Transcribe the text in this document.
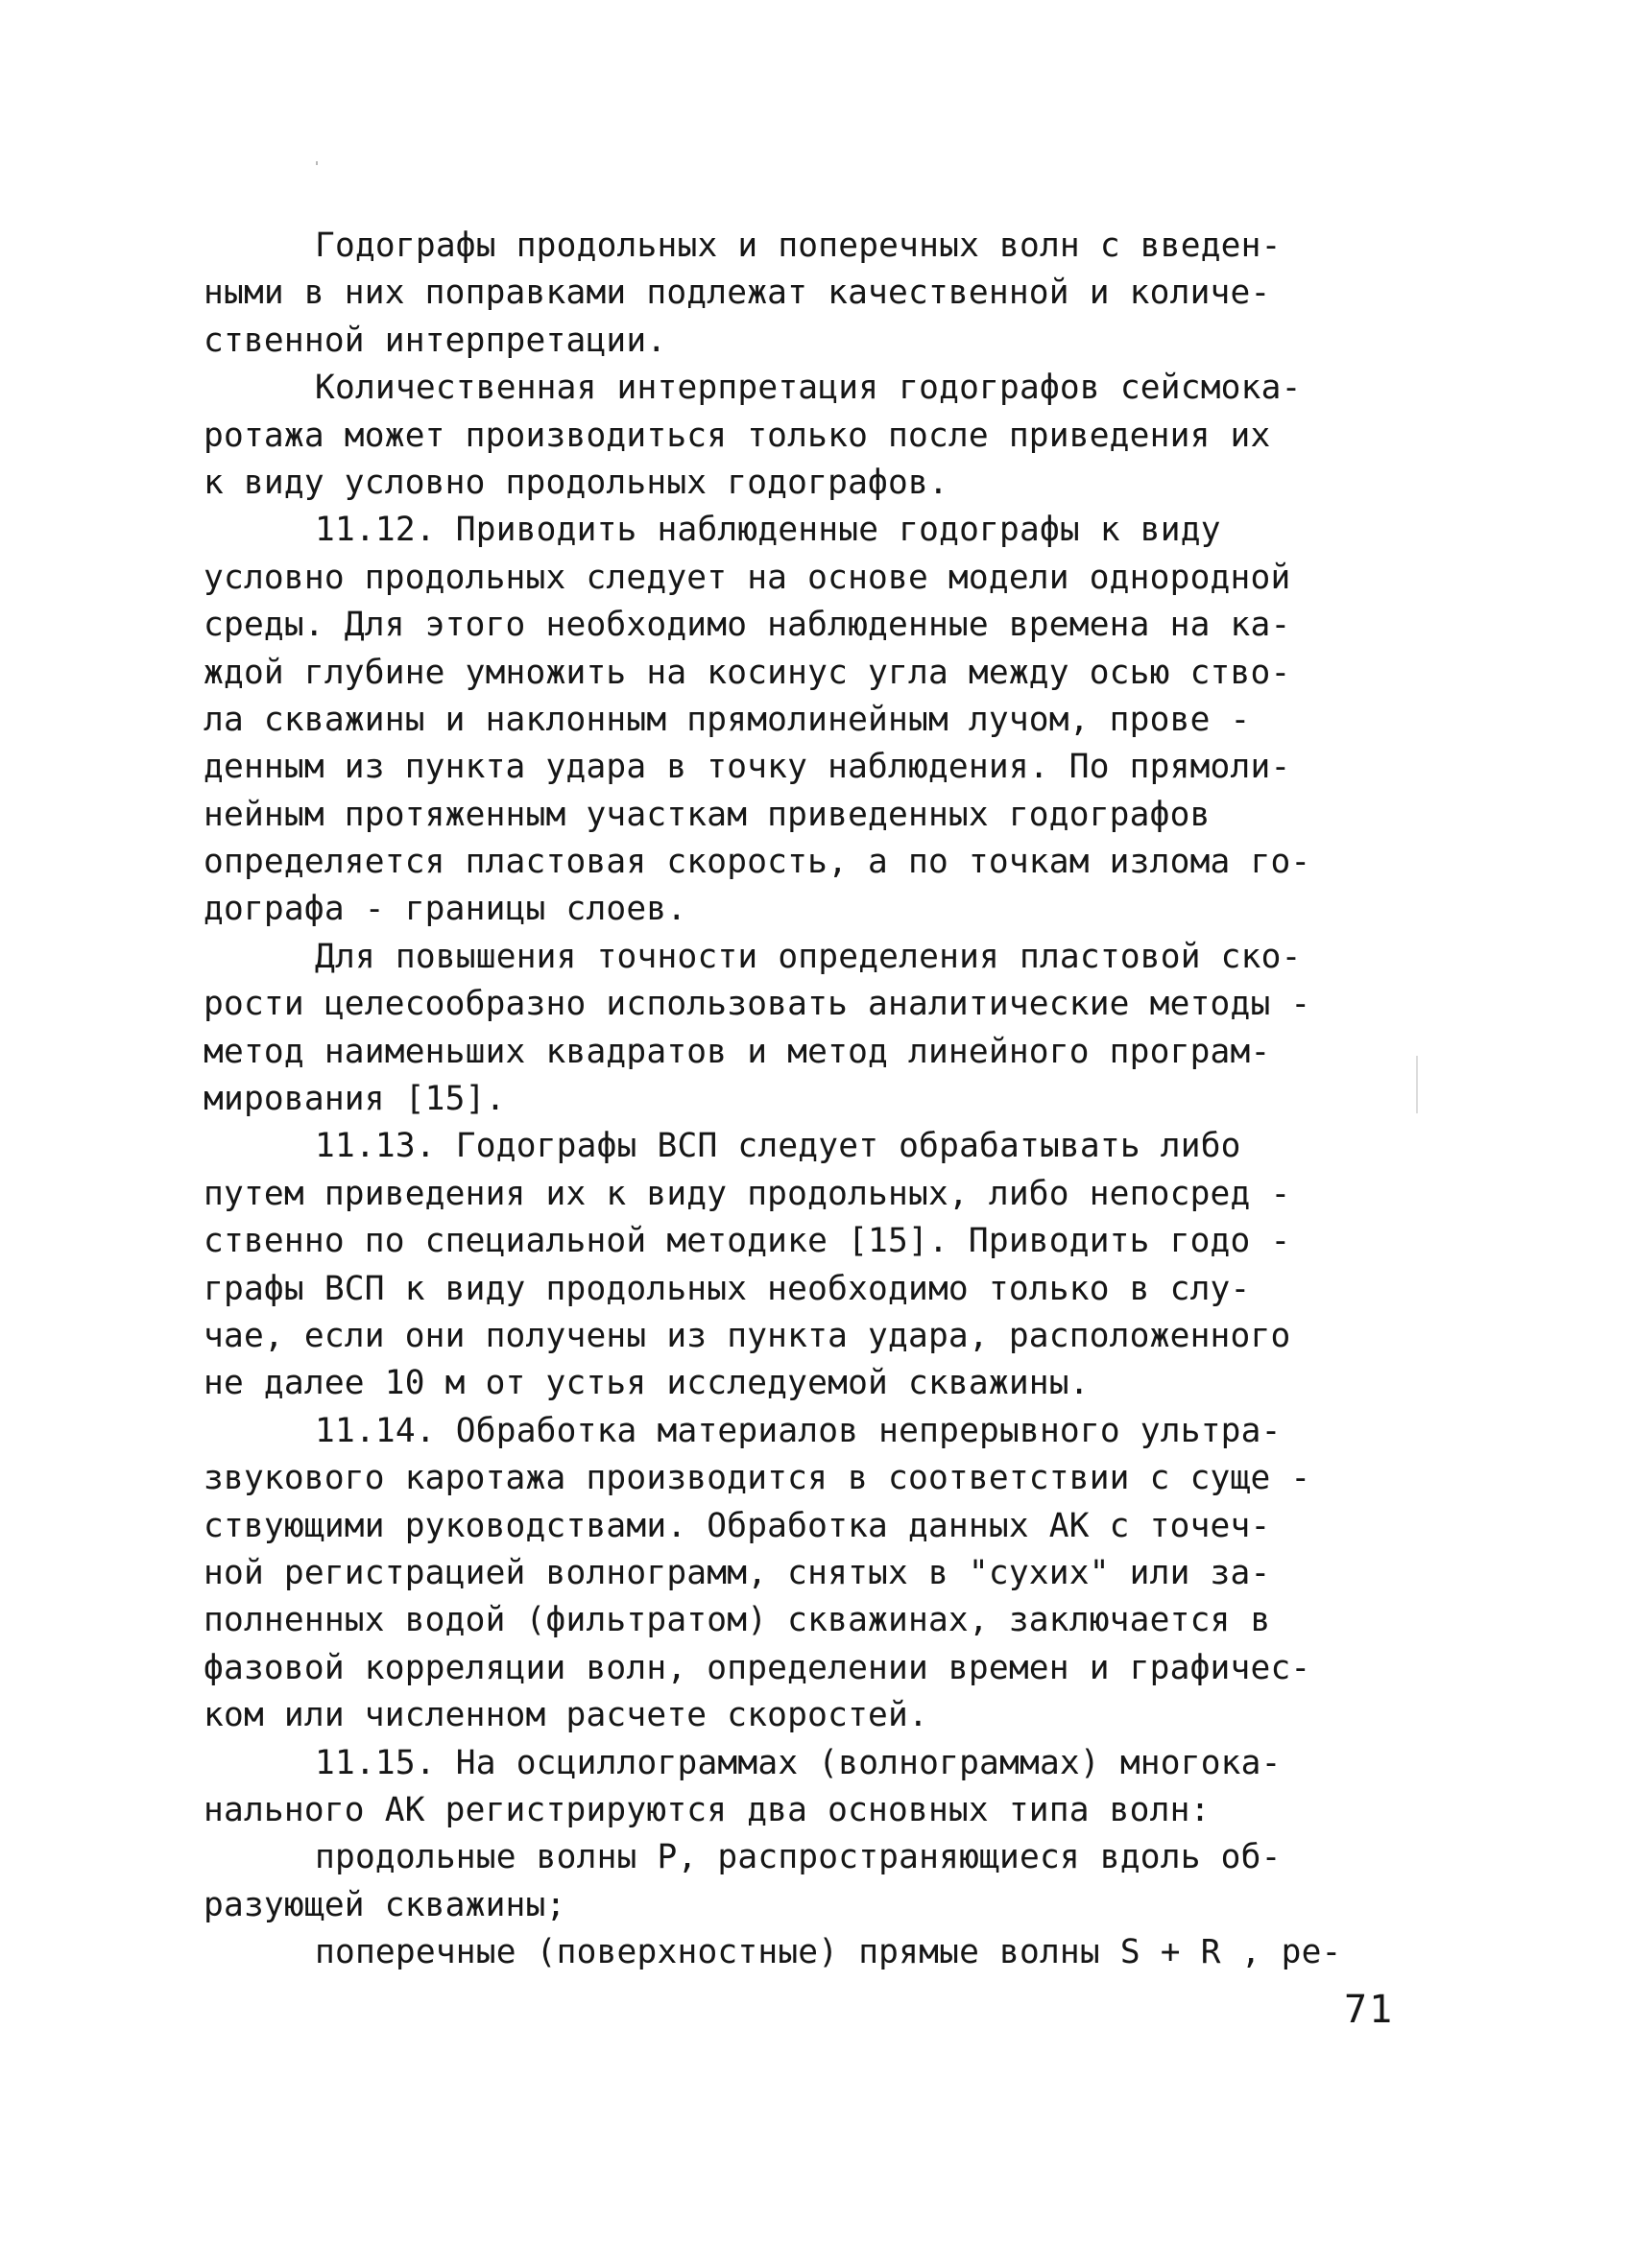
Годографы продольных и поперечных волн с введен-
ными в них поправками подлежат качественной и количе-
ственной интерпретации.
Количественная интерпретация годографов сейсмока-
ротажа может производиться только после приведения их
к виду условно продольных годографов.
11.12. Приводить наблюденные годографы к виду
условно продольных следует на основе модели однородной
среды. Для этого необходимо наблюденные времена на ка-
ждой глубине умножить на косинус угла между осью ство-
ла скважины и наклонным прямолинейным лучом, прове -
денным из пункта удара в точку наблюдения. По прямоли-
нейным протяженным участкам приведенных годографов
определяется пластовая скорость, а по точкам излома го-
дографа - границы слоев.
Для повышения точности определения пластовой ско-
рости целесообразно использовать аналитические методы -
метод наименьших квадратов и метод линейного програм-
мирования [15].
11.13. Годографы ВСП следует обрабатывать либо
путем приведения их к виду продольных, либо непосред -
ственно по специальной методике [15]. Приводить годо -
графы ВСП к виду продольных необходимо только в слу-
чае, если они получены из пункта удара, расположенного
не далее 10 м от устья исследуемой скважины.
11.14. Обработка материалов непрерывного ультра-
звукового каротажа производится в соответствии с суще -
ствующими руководствами. Обработка данных АК с точеч-
ной регистрацией волнограмм, снятых в "сухих" или за-
полненных водой (фильтратом) скважинах, заключается в
фазовой корреляции волн, определении времен и графичес-
ком или численном расчете скоростей.
11.15. На осциллограммах (волнограммах) многока-
нального АК регистрируются два основных типа волн:
продольные волны P, распространяющиеся вдоль об-
разующей скважины;
поперечные (поверхностные) прямые волны S + R , ре-
71
